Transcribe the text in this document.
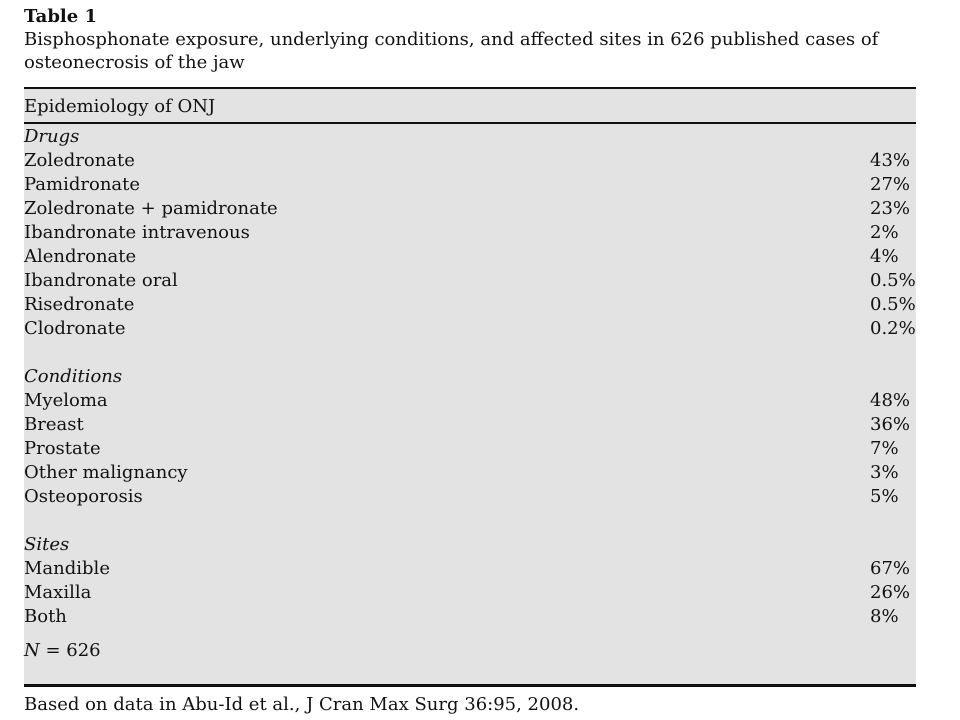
Table 1
Bisphosphonate exposure, underlying conditions, and affected sites in 626 published cases of osteonecrosis of the jaw
Epidemiology of ONJ
Drugs
Zoledronate	43%
Pamidronate	27%
Zoledronate + pamidronate	23%
Ibandronate intravenous	2%
Alendronate	4%
Ibandronate oral	0.5%
Risedronate	0.5%
Clodronate	0.2%
Conditions
Myeloma	48%
Breast	36%
Prostate	7%
Other malignancy	3%
Osteoporosis	5%
Sites
Mandible	67%
Maxilla	26%
Both	8%
N = 626
Based on data in Abu-Id et al., J Cran Max Surg 36:95, 2008.
